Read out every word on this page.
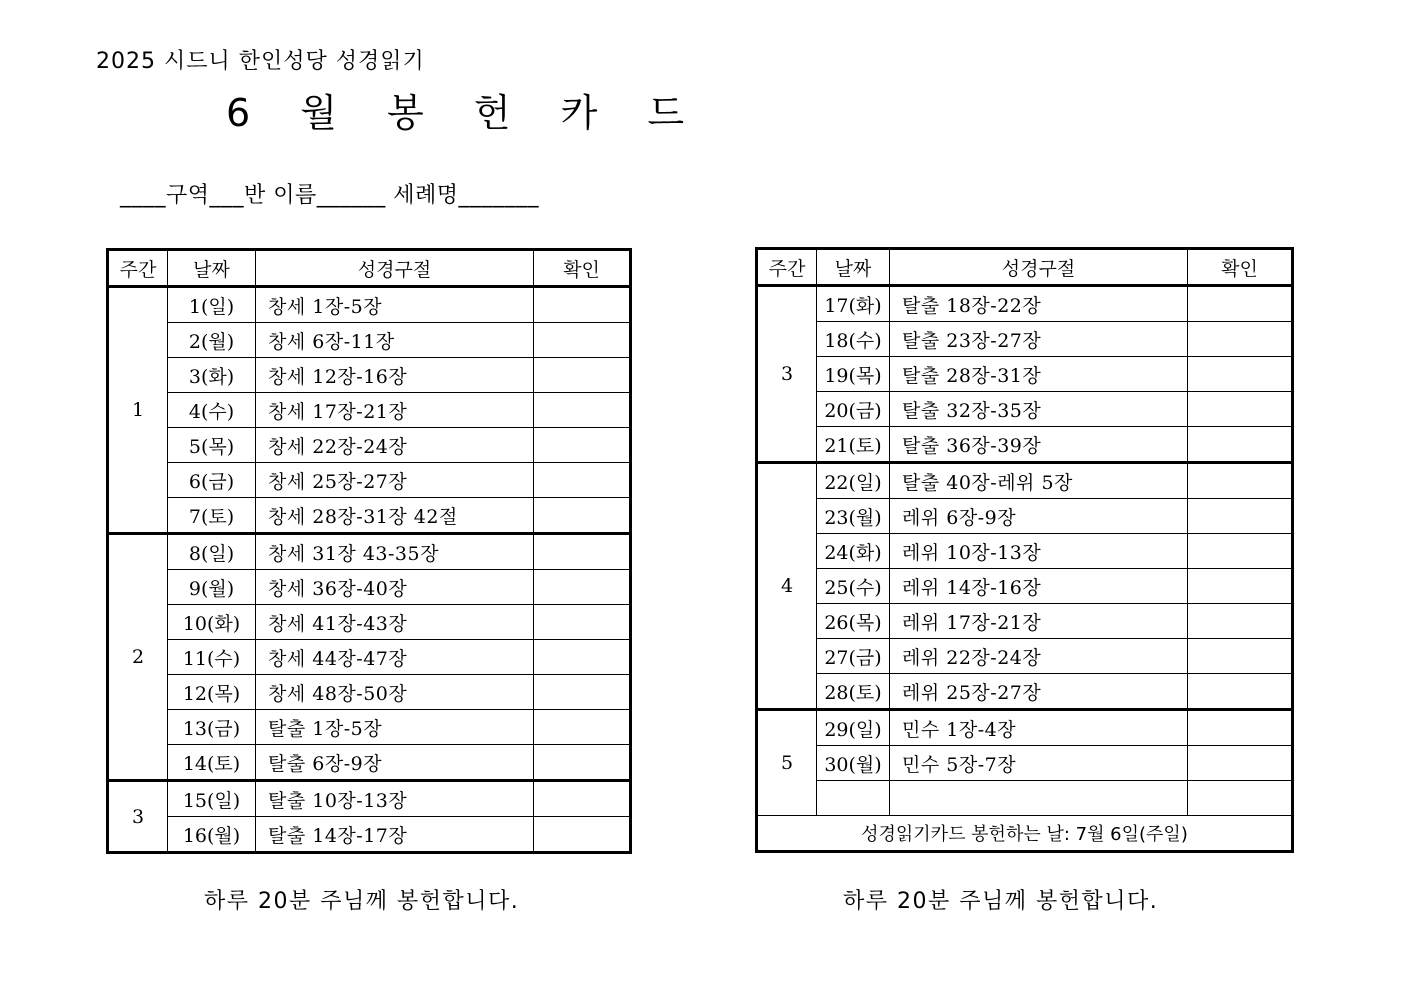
2025 시드니 한인성당 성경읽기
6 월 봉 헌 카 드
____구역___반 이름______ 세례명_______
주간	날짜	성경구절	확인
1	1(일)	창세 1장-5장	
	2(월)	창세 6장-11장	
	3(화)	창세 12장-16장	
	4(수)	창세 17장-21장	
	5(목)	창세 22장-24장	
	6(금)	창세 25장-27장	
	7(토)	창세 28장-31장 42절	
2	8(일)	창세 31장 43-35장	
	9(월)	창세 36장-40장	
	10(화)	창세 41장-43장	
	11(수)	창세 44장-47장	
	12(목)	창세 48장-50장	
	13(금)	탈출 1장-5장	
	14(토)	탈출 6장-9장	
3	15(일)	탈출 10장-13장	
	16(월)	탈출 14장-17장	
주간	날짜	성경구절	확인
3	17(화)	탈출 18장-22장	
	18(수)	탈출 23장-27장	
	19(목)	탈출 28장-31장	
	20(금)	탈출 32장-35장	
	21(토)	탈출 36장-39장	
4	22(일)	탈출 40장-레위 5장	
	23(월)	레위 6장-9장	
	24(화)	레위 10장-13장	
	25(수)	레위 14장-16장	
	26(목)	레위 17장-21장	
	27(금)	레위 22장-24장	
	28(토)	레위 25장-27장	
5	29(일)	민수 1장-4장	
	30(월)	민수 5장-7장	

성경읽기카드 봉헌하는 날: 7월 6일(주일)			
하루 20분 주님께 봉헌합니다.	하루 20분 주님께 봉헌합니다.
